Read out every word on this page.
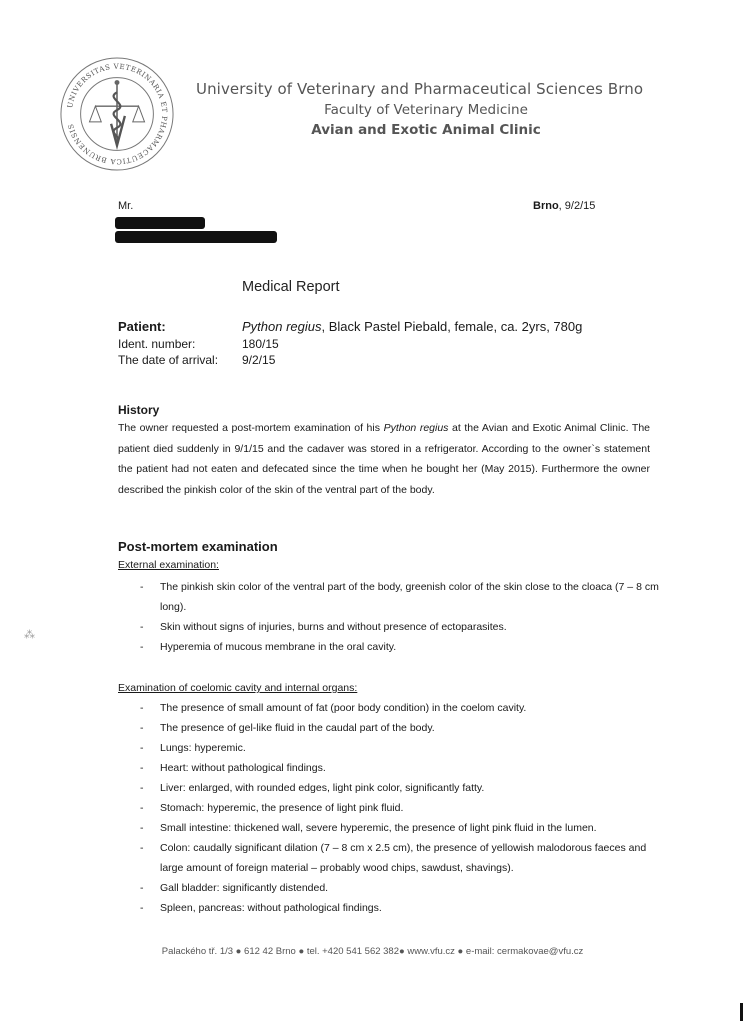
UNIVERSITAS VETERINARIA ET PHARMACEUTICA BRUNENSIS
University of Veterinary and Pharmaceutical Sciences Brno
Faculty of Veterinary Medicine
Avian and Exotic Animal Clinic
Mr.	Brno, 9/2/15
Medical Report
Patient:	Python regius, Black Pastel Piebald, female, ca. 2yrs, 780g
Ident. number:	180/15
The date of arrival: 9/2/15
History
The owner requested a post-mortem examination of his Python regius at the Avian and Exotic Animal Clinic. The patient died suddenly in 9/1/15 and the cadaver was stored in a refrigerator. According to the owner`s statement the patient had not eaten and defecated since the time when he bought her (May 2015). Furthermore the owner described the pinkish color of the skin of the ventral part of the body.
Post-mortem examination
External examination:
- The pinkish skin color of the ventral part of the body, greenish color of the skin close to the cloaca (7 – 8 cm long).
- Skin without signs of injuries, burns and without presence of ectoparasites.
- Hyperemia of mucous membrane in the oral cavity.
Examination of coelomic cavity and internal organs:
- The presence of small amount of fat (poor body condition) in the coelom cavity.
- The presence of gel-like fluid in the caudal part of the body.
- Lungs: hyperemic.
- Heart: without pathological findings.
- Liver: enlarged, with rounded edges, light pink color, significantly fatty.
- Stomach: hyperemic, the presence of light pink fluid.
- Small intestine: thickened wall, severe hyperemic, the presence of light pink fluid in the lumen.
- Colon: caudally significant dilation (7 – 8 cm x 2.5 cm), the presence of yellowish malodorous faeces and large amount of foreign material – probably wood chips, sawdust, shavings).
- Gall bladder: significantly distended.
- Spleen, pancreas: without pathological findings.
Palackého tř. 1/3 ● 612 42 Brno ● tel. +420 541 562 382● www.vfu.cz ● e-mail: cermakovae@vfu.cz
⁂
